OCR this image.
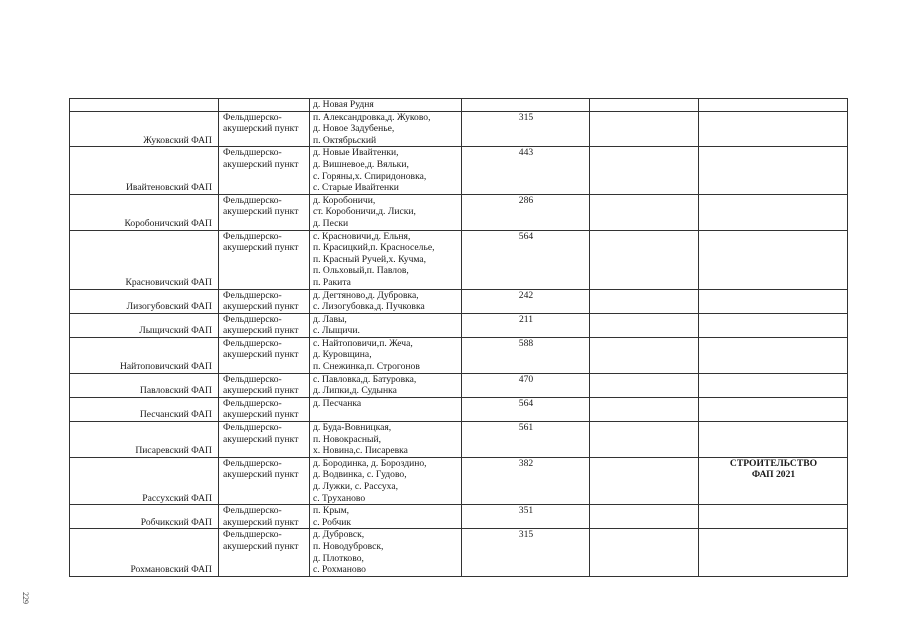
		д. Новая Рудня			

Жуковский ФАП	Фельдшерско-
акушерский пункт	п. Александровка,д. Жуково,
д. Новое Задубенье,
п. Октябрьский	315		
Ивайтеновский ФАП	Фельдшерско-
акушерский пункт	д. Новые Ивайтенки,
д. Вишневое,д. Вяльки,
с. Горяны,х. Спиридоновка,
с. Старые Ивайтенки	443		
Коробоничский ФАП	Фельдшерско-
акушерский пункт	д. Коробоничи,
ст. Коробоничи,д. Лиски,
д. Пески	286		
Красновичский ФАП	Фельдшерско-
акушерский пункт	с. Красновичи,д. Ельня,
п. Красицкий,п. Красноселье,
п. Красный Ручей,х. Кучма,
п. Ольховый,п. Павлов,
п. Ракита	564		
Лизогубовский ФАП	Фельдшерско-
акушерский пункт	д. Дегтяново,д. Дубровка,
с. Лизогубовка,д. Пучковка	242		
Лыщичский ФАП	Фельдшерско-
акушерский пункт	д. Лавы,
с. Лыщичи.	211		
Найтоповичский ФАП	Фельдшерско-
акушерский пункт	с. Найтоповичи,п. Жеча,
д. Куровщина,
п. Снежинка,п. Строгонов	588		
Павловский ФАП	Фельдшерско-
акушерский пункт	с. Павловка,д. Батуровка,
д. Липки,д. Судынка	470		
Песчанский ФАП	Фельдшерско-
акушерский пункт	д. Песчанка	564		
Писаревский ФАП	Фельдшерско-
акушерский пункт	д. Буда-Вовницкая,
п. Новокрасный,
х. Новина,с. Писаревка	561		
Рассухский ФАП	Фельдшерско-
акушерский пункт	д. Бородинка, д. Бороздино,
д. Водвинка, с. Гудово,
д. Лужки, с. Рассуха,
с. Труханово	382		СТРОИТЕЛЬСТВО
ФАП 2021

Робчикский ФАП	Фельдшерско-
акушерский пункт	п. Крым,
с. Робчик	351		
Рохмановский ФАП	Фельдшерско-
акушерский пункт	д. Дубровск,
п. Новодубровск,
д. Плотково,
с. Рохманово	315		
229
